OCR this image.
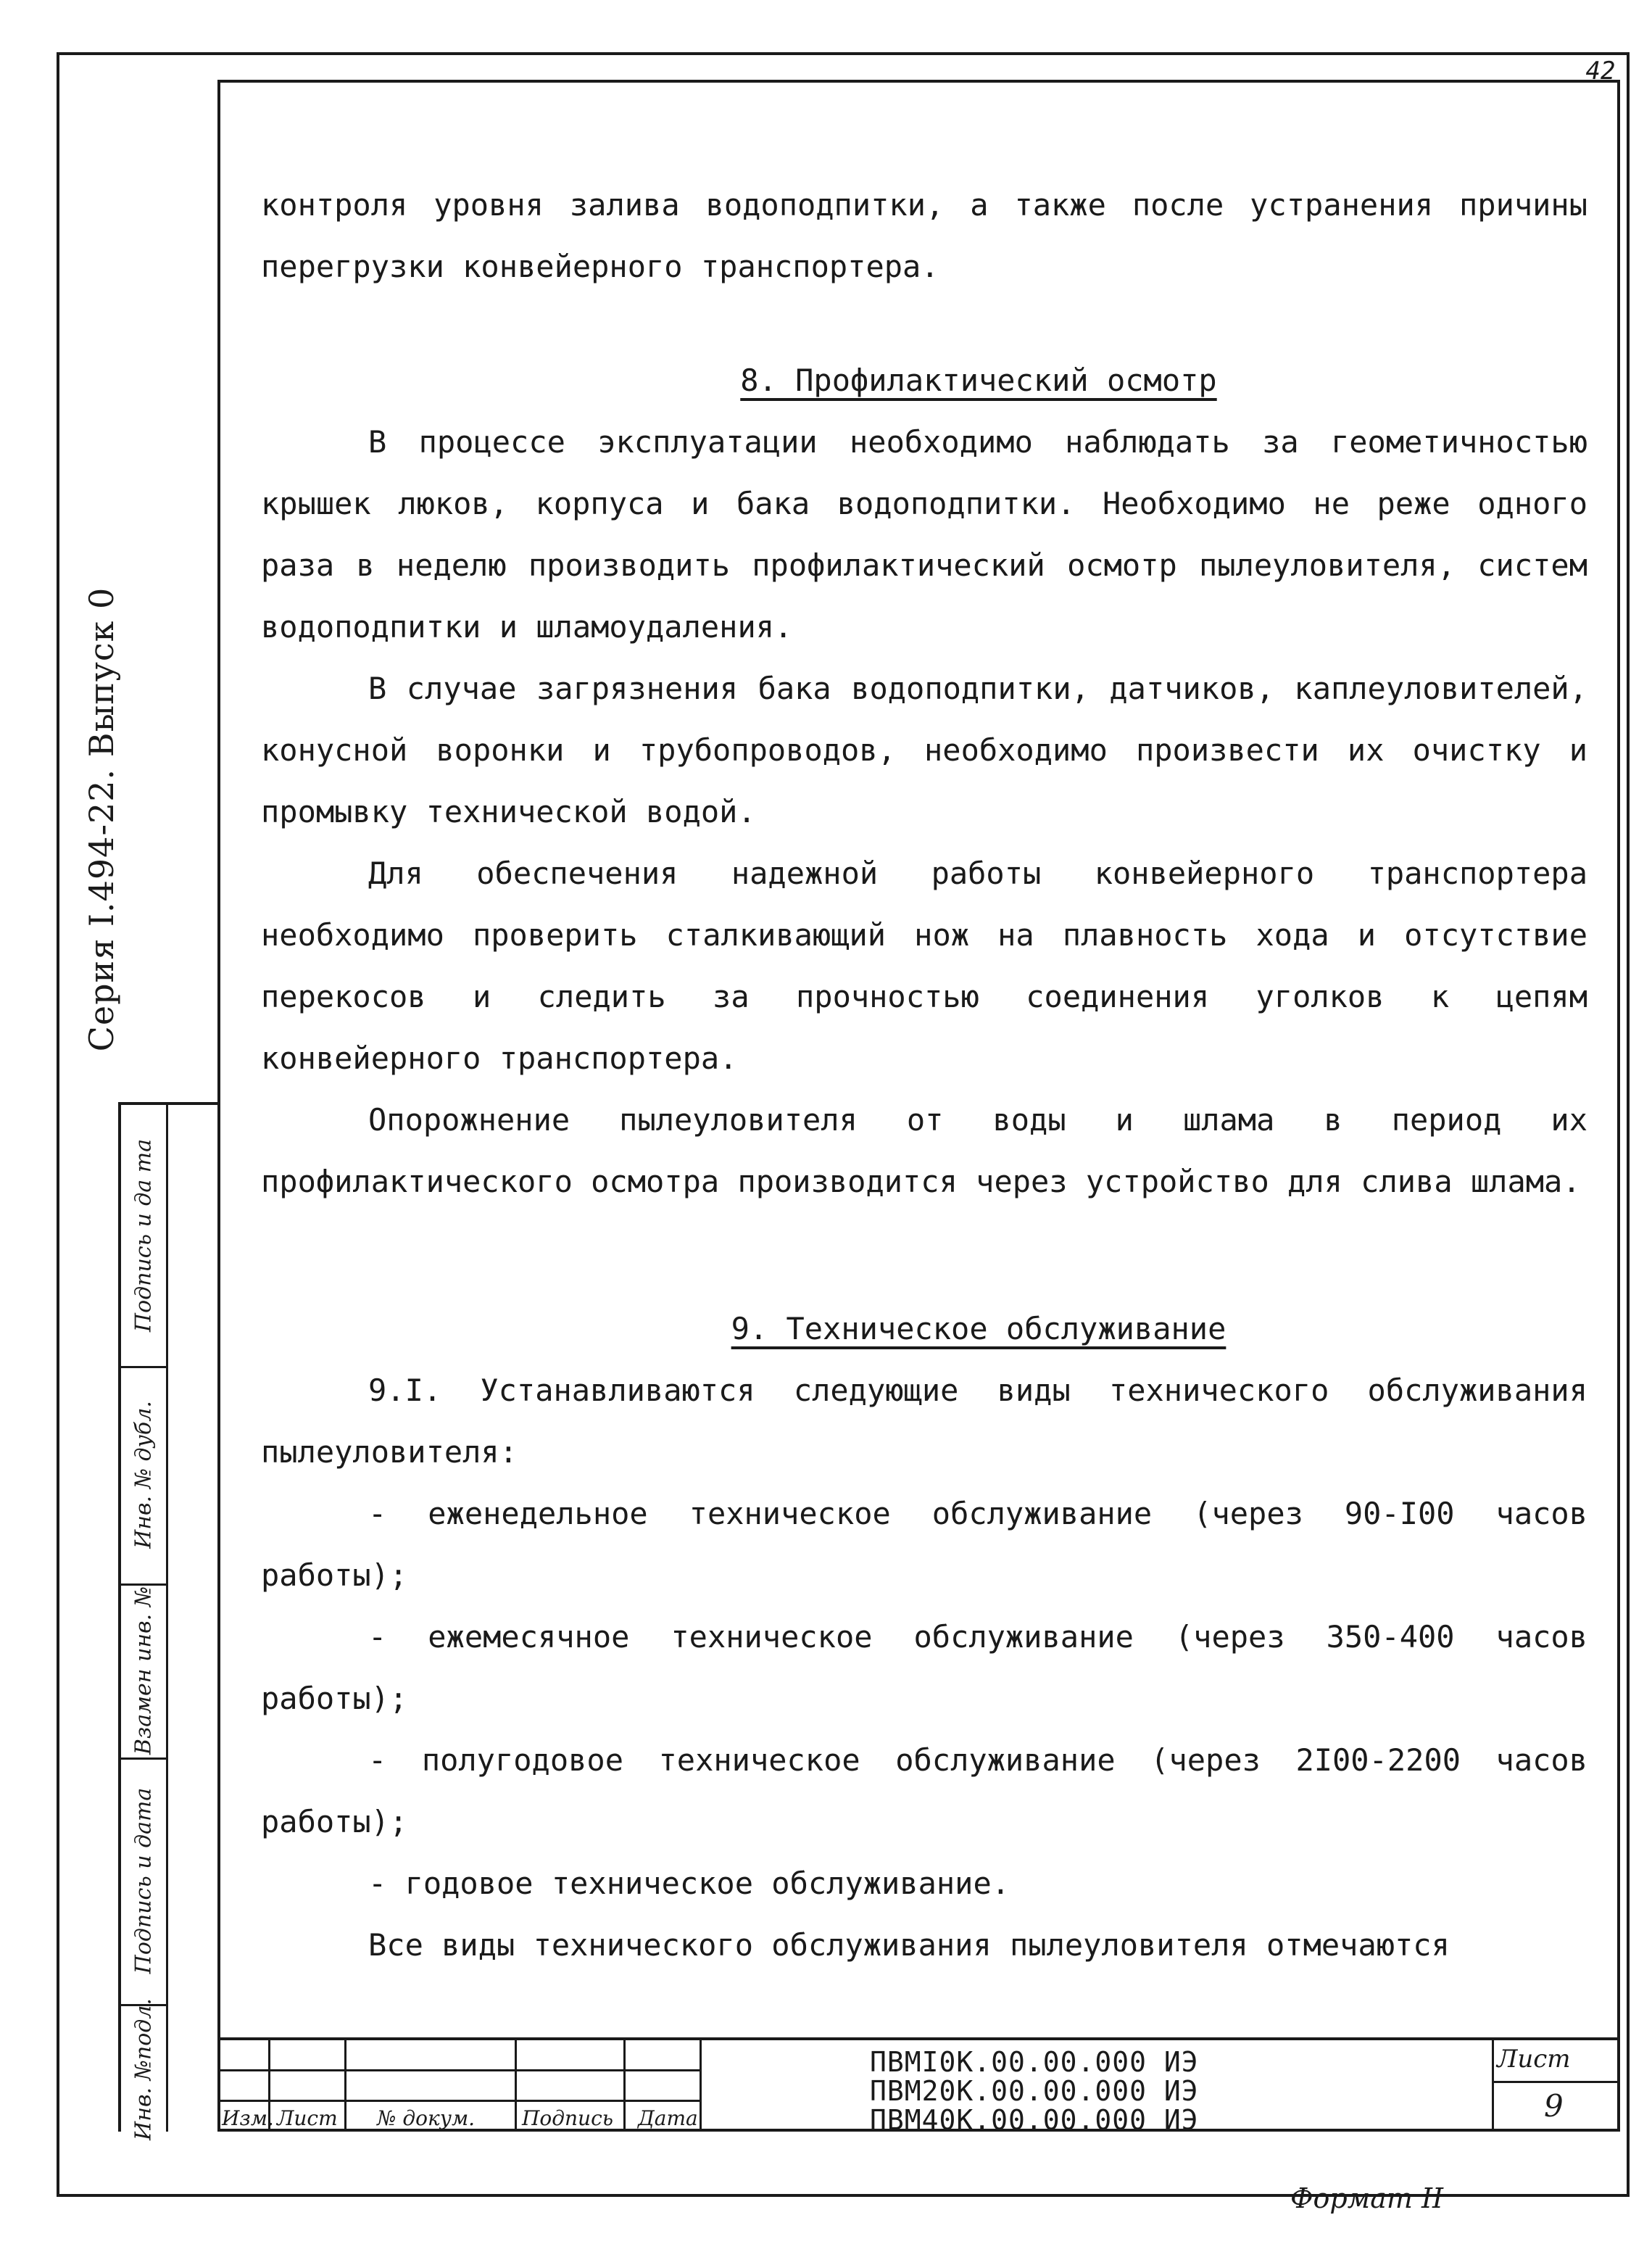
42
Серия I.494-22. Выпуск 0
Инв. №подл.
Подпись и дата
Взамен инв. №
Инв. № дубл.
Подпись и да та

контроля уровня залива водоподпитки, а также после устранения причины перегрузки конвейерного транспортера.

8. Профилактический осмотр

В процессе эксплуатации необходимо наблюдать за геометичностью крышек люков, корпуса и бака водоподпитки. Необходимо не реже одного раза в неделю производить профилактический осмотр пылеуловителя, систем водоподпитки и шламоудаления.

В случае загрязнения бака водоподпитки, датчиков, каплеуловителей, конусной воронки и трубопроводов, необходимо произвести их очистку и промывку технической водой.

Для обеспечения надежной работы конвейерного транспортера необходимо проверить сталкивающий нож на плавность хода и отсутствие перекосов и следить за прочностью соединения уголков к цепям конвейерного транспортера.

Опорожнение пылеуловителя от воды и шлама в период их профилактического осмотра производится через устройство для слива шлама.

9. Техническое обслуживание

9.I. Устанавливаются следующие виды технического обслуживания пылеуловителя:

- еженедельное техническое обслуживание (через 90-I00 часов работы);

- ежемесячное техническое обслуживание (через 350-400 часов работы);

- полугодовое техническое обслуживание (через 2I00-2200 часов работы);

- годовое техническое обслуживание.

Все виды технического обслуживания пылеуловителя отмечаются

Изм. Лист № докум. Подпись Дата
ПВМI0К.00.00.000 ИЭ
ПВМ20К.00.00.000 ИЭ
ПВМ40К.00.00.000 ИЭ
Лист
9
Формат II
